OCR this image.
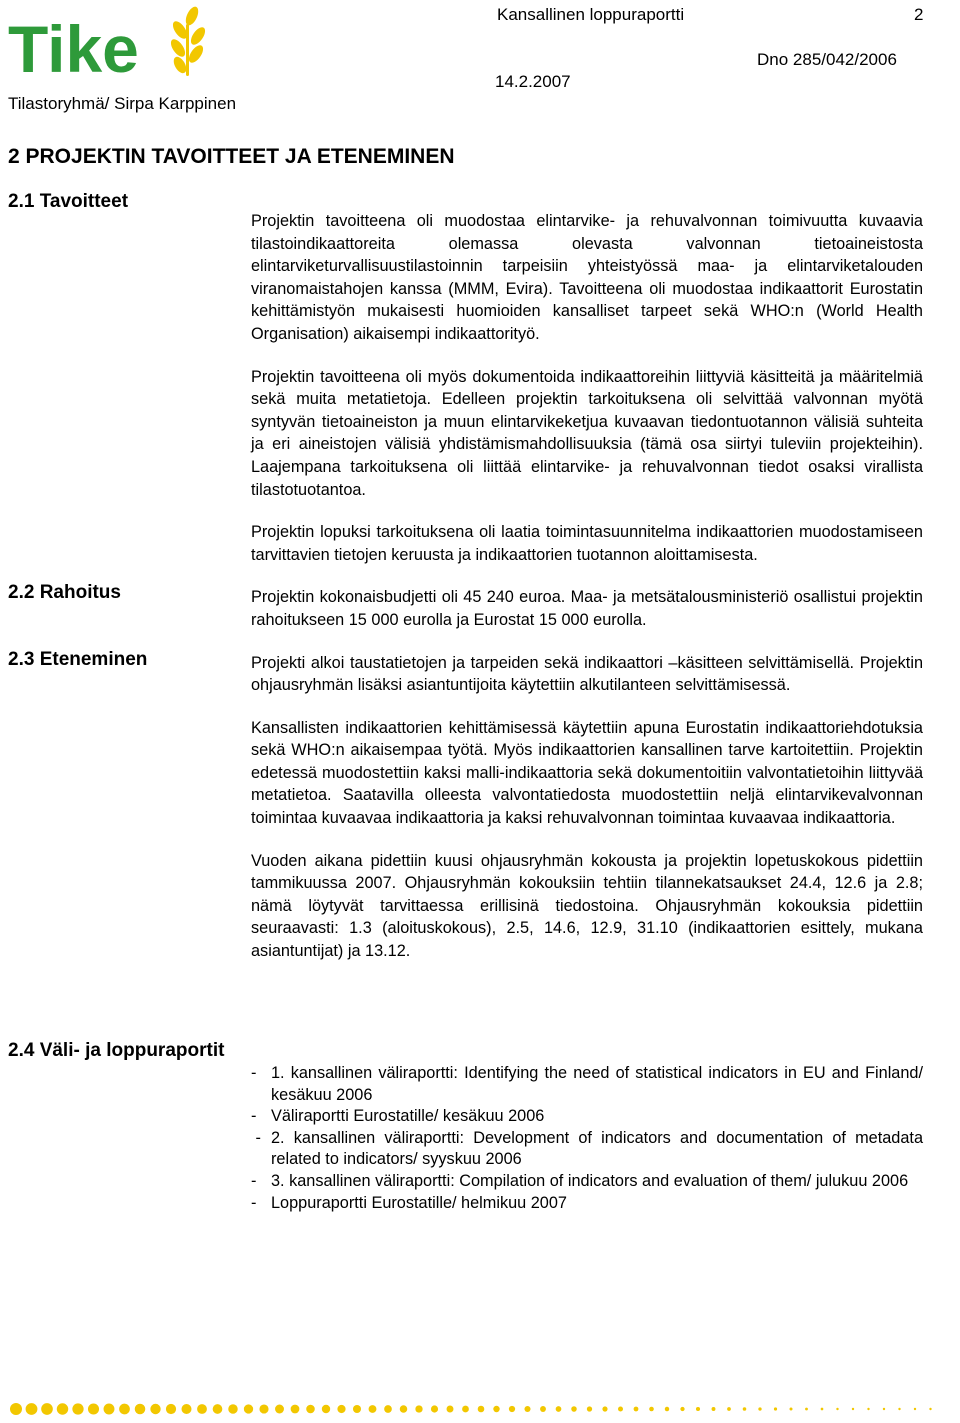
Tike	Kansallinen loppuraportti	2
Dno 285/042/2006
14.2.2007
Tilastoryhmä/ Sirpa Karppinen
2 PROJEKTIN TAVOITTEET JA ETENEMINEN
2.1 Tavoitteet
2.2 Rahoitus
2.3 Eteneminen
2.4 Väli- ja loppuraportit

Projektin tavoitteena oli muodostaa elintarvike- ja rehuvalvonnan toimivuutta kuvaavia tilastoindikaattoreita olemassa olevasta valvonnan tietoaineistosta elintarviketurvallisuustilastoinnin tarpeisiin yhteistyössä maa- ja elintarviketalouden viranomaistahojen kanssa (MMM, Evira). Tavoitteena oli muodostaa indikaattorit Eurostatin kehittämistyön mukaisesti huomioiden kansalliset tarpeet sekä WHO:n (World Health Organisation) aikaisempi indikaattorityö.

Projektin tavoitteena oli myös dokumentoida indikaattoreihin liittyviä käsitteitä ja määritelmiä sekä muita metatietoja. Edelleen projektin tarkoituksena oli selvittää valvonnan myötä syntyvän tietoaineiston ja muun elintarvikeketjua kuvaavan tiedontuotannon välisiä suhteita ja eri aineistojen välisiä yhdistämismahdollisuuksia (tämä osa siirtyi tuleviin projekteihin). Laajempana tarkoituksena oli liittää elintarvike- ja rehuvalvonnan tiedot osaksi virallista tilastotuotantoa.

Projektin lopuksi tarkoituksena oli laatia toimintasuunnitelma indikaattorien muodostamiseen tarvittavien tietojen keruusta ja indikaattorien tuotannon aloittamisesta.

Projektin kokonaisbudjetti oli 45 240 euroa. Maa- ja metsätalousministeriö osallistui projektin rahoitukseen 15 000 eurolla ja Eurostat 15 000 eurolla.

Projekti alkoi taustatietojen ja tarpeiden sekä indikaattori –käsitteen selvittämisellä. Projektin ohjausryhmän lisäksi asiantuntijoita käytettiin alkutilanteen selvittämisessä.

Kansallisten indikaattorien kehittämisessä käytettiin apuna Eurostatin indikaattoriehdotuksia sekä WHO:n aikaisempaa työtä. Myös indikaattorien kansallinen tarve kartoitettiin. Projektin edetessä muodostettiin kaksi malli-indikaattoria sekä dokumentoitiin valvontatietoihin liittyvää metatietoa. Saatavilla olleesta valvontatiedosta muodostettiin neljä elintarvikevalvonnan toimintaa kuvaavaa indikaattoria ja kaksi rehuvalvonnan toimintaa kuvaavaa indikaattoria.

Vuoden aikana pidettiin kuusi ohjausryhmän kokousta ja projektin lopetuskokous pidettiin tammikuussa 2007. Ohjausryhmän kokouksiin tehtiin tilannekatsaukset 24.4, 12.6 ja 2.8; nämä löytyvät tarvittaessa erillisinä tiedostoina. Ohjausryhmän kokouksia pidettiin seuraavasti: 1.3 (aloituskokous), 2.5, 14.6, 12.9, 31.10 (indikaattorien esittely, mukana asiantuntijat) ja 13.12.

- 1. kansallinen väliraportti: Identifying the need of statistical indicators in EU and Finland/ kesäkuu 2006
- Väliraportti Eurostatille/ kesäkuu 2006
- 2. kansallinen väliraportti: Development of indicators and documentation of metadata related to indicators/ syyskuu 2006
- 3. kansallinen väliraportti: Compilation of indicators and evaluation of them/ julukuu 2006
- Loppuraportti Eurostatille/ helmikuu 2007
